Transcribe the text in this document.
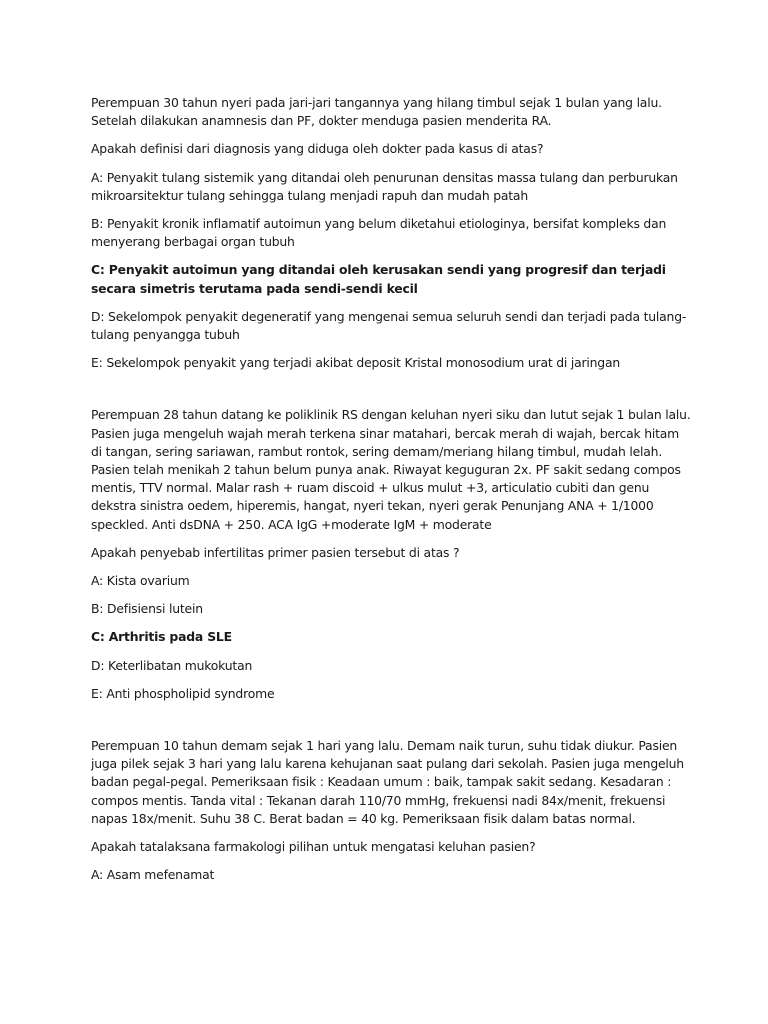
Perempuan 30 tahun nyeri pada jari-jari tangannya yang hilang timbul sejak 1 bulan yang lalu. Setelah dilakukan anamnesis dan PF, dokter menduga pasien menderita RA.

Apakah definisi dari diagnosis yang diduga oleh dokter pada kasus di atas?

A: Penyakit tulang sistemik yang ditandai oleh penurunan densitas massa tulang dan perburukan mikroarsitektur tulang sehingga tulang menjadi rapuh dan mudah patah

B: Penyakit kronik inflamatif autoimun yang belum diketahui etiologinya, bersifat kompleks dan menyerang berbagai organ tubuh

C: Penyakit autoimun yang ditandai oleh kerusakan sendi yang progresif dan terjadi secara simetris terutama pada sendi-sendi kecil

D: Sekelompok penyakit degeneratif yang mengenai semua seluruh sendi dan terjadi pada tulang-tulang penyangga tubuh

E: Sekelompok penyakit yang terjadi akibat deposit Kristal monosodium urat di jaringan

Perempuan 28 tahun datang ke poliklinik RS dengan keluhan nyeri siku dan lutut sejak 1 bulan lalu. Pasien juga mengeluh wajah merah terkena sinar matahari, bercak merah di wajah, bercak hitam di tangan, sering sariawan, rambut rontok, sering demam/meriang hilang timbul, mudah lelah. Pasien telah menikah 2 tahun belum punya anak. Riwayat keguguran 2x. PF sakit sedang compos mentis, TTV normal. Malar rash + ruam discoid + ulkus mulut +3, articulatio cubiti dan genu dekstra sinistra oedem, hiperemis, hangat, nyeri tekan, nyeri gerak Penunjang ANA + 1/1000 speckled. Anti dsDNA + 250. ACA IgG +moderate IgM + moderate

Apakah penyebab infertilitas primer pasien tersebut di atas ?

A: Kista ovarium

B: Defisiensi lutein

C: Arthritis pada SLE

D: Keterlibatan mukokutan

E: Anti phospholipid syndrome

Perempuan 10 tahun demam sejak 1 hari yang lalu. Demam naik turun, suhu tidak diukur. Pasien juga pilek sejak 3 hari yang lalu karena kehujanan saat pulang dari sekolah. Pasien juga mengeluh badan pegal-pegal. Pemeriksaan fisik : Keadaan umum : baik, tampak sakit sedang. Kesadaran : compos mentis. Tanda vital : Tekanan darah 110/70 mmHg, frekuensi nadi 84x/menit, frekuensi napas 18x/menit. Suhu 38 C. Berat badan = 40 kg. Pemeriksaan fisik dalam batas normal.

Apakah tatalaksana farmakologi pilihan untuk mengatasi keluhan pasien?

A: Asam mefenamat
